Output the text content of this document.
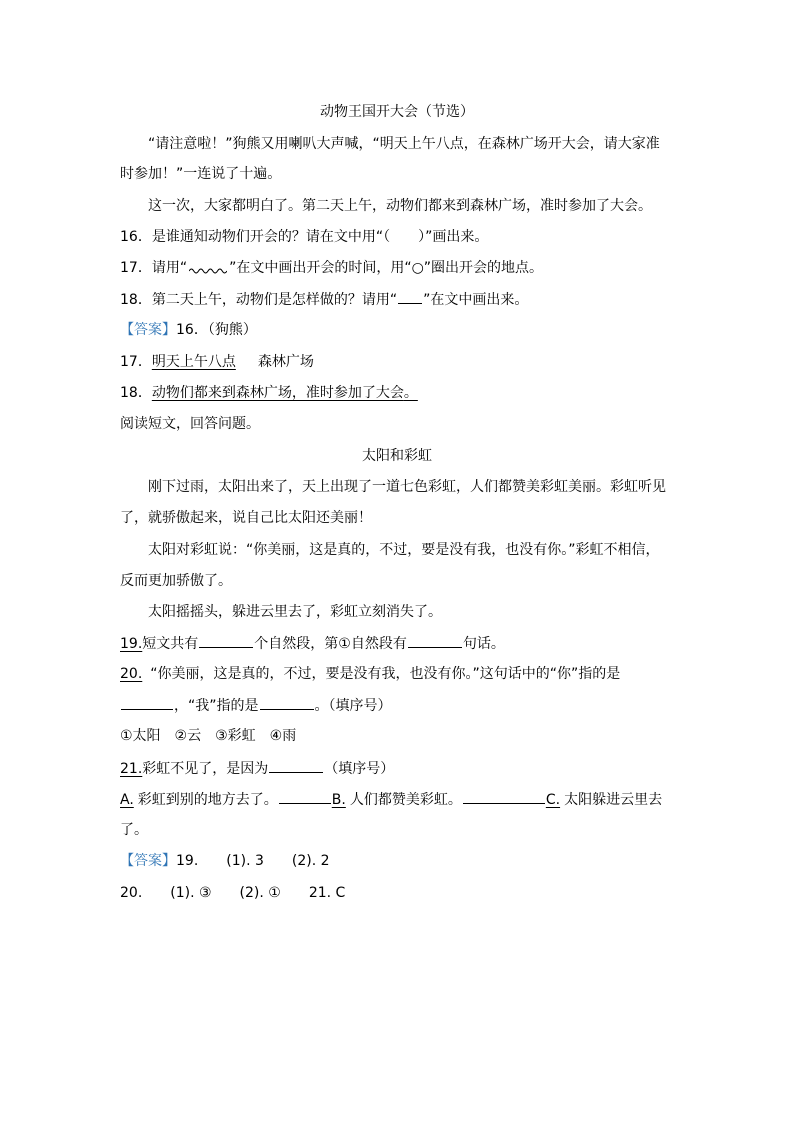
动物王国开大会（节选）
“请注意啦！”狗熊又用喇叭大声喊，“明天上午八点，在森林广场开大会，请大家准
时参加！”一连说了十遍。
这一次，大家都明白了。第二天上午，动物们都来到森林广场，准时参加了大会。
16．是谁通知动物们开会的？请在文中用“（　　）”画出来。
17．请用“	”在文中画出开会的时间，用“○”圈出开会的地点。
18．第二天上午，动物们是怎样做的？请用“ ”在文中画出来。
【答案】16．（狗熊）
17．明天上午八点 森林广场
18．动物们都来到森林广场，准时参加了大会。
阅读短文，回答问题。
太阳和彩虹
刚下过雨，太阳出来了，天上出现了一道七色彩虹，人们都赞美彩虹美丽。彩虹听见
了，就骄傲起来，说自己比太阳还美丽！
太阳对彩虹说：“你美丽，这是真的，不过，要是没有我，也没有你。”彩虹不相信，
反而更加骄傲了。
太阳摇摇头，躲进云里去了，彩虹立刻消失了。
19.短文共有	个自然段，第①自然段有	句话。
20. “你美丽，这是真的，不过，要是没有我，也没有你。”这句话中的“你”指的是
，“我”指的是	。（填序号）
①太阳　②云　③彩虹　④雨
21.彩虹不见了，是因为	（填序号）
A. 彩虹到别的地方去了。	B. 人们都赞美彩虹。	C. 太阳躲进云里去
了。
【答案】19.　　(1). 3　　(2). 2
20.　　(1). ③　　(2). ①　　21. C
